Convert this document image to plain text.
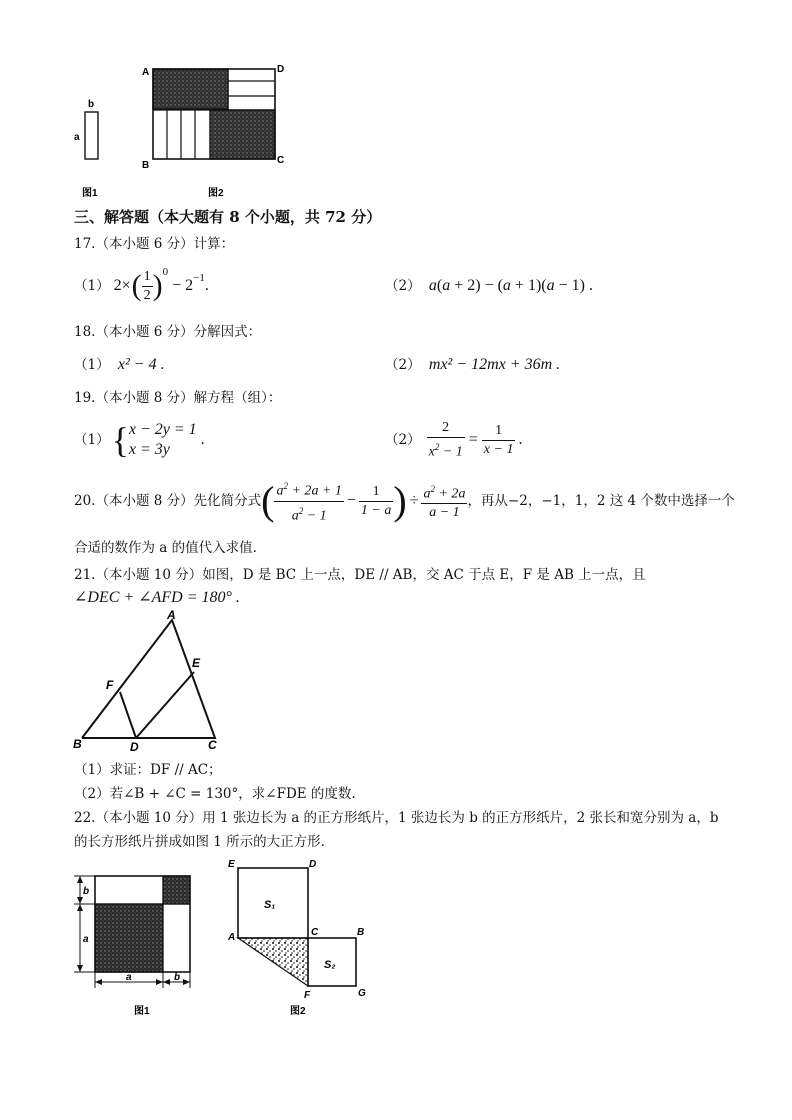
b
a
A	D
B	C
图1	图2
三、解答题（本大题有 8 个小题，共 72 分）
17.（本小题 6 分）计算：
（1） 2× ( $\frac{1}{2}$ ) 0
− 2 −1 .	（2） a(a + 2) − (a + 1)(a − 1) .
18.（本小题 6 分）分解因式：
（1） x² − 4 .	（2） mx² − 12mx + 36m .
19.（本小题 8 分）解方程（组）：
（1） { x − 2y = 1
x = 3y
.	$(2) \frac{2}{x^2 - 1} = \frac{1}{x - 1}$ .
20.（本小题 8 分）先化简分式 ( $\frac{a^2 + 2a + 1}{a^2 - 1} - \frac{1}{1 - a}$ ) ÷ $\frac{a^2 + 2a}{a - 1}$ ，再从−2，−1，1，2 这 4 个数中选择一个
合适的数作为 a 的值代入求值.
21.（本小题 10 分）如图，D 是 BC 上一点，DE // AB，交 AC 于点 E，F 是 AB 上一点，且
∠DEC + ∠AFD = 180° .
A
E
F
B	D	C
（1）求证：DF // AC；
（2）若∠B + ∠C = 130°，求∠FDE 的度数.
22.（本小题 10 分）用 1 张边长为 a 的正方形纸片，1 张边长为 b 的正方形纸片，2 张长和宽分别为 a，b
的长方形纸片拼成如图 1 所示的大正方形.
b
a
a	b
图1
S₁
S₂
E	D
A	C	B
F	G
图2
